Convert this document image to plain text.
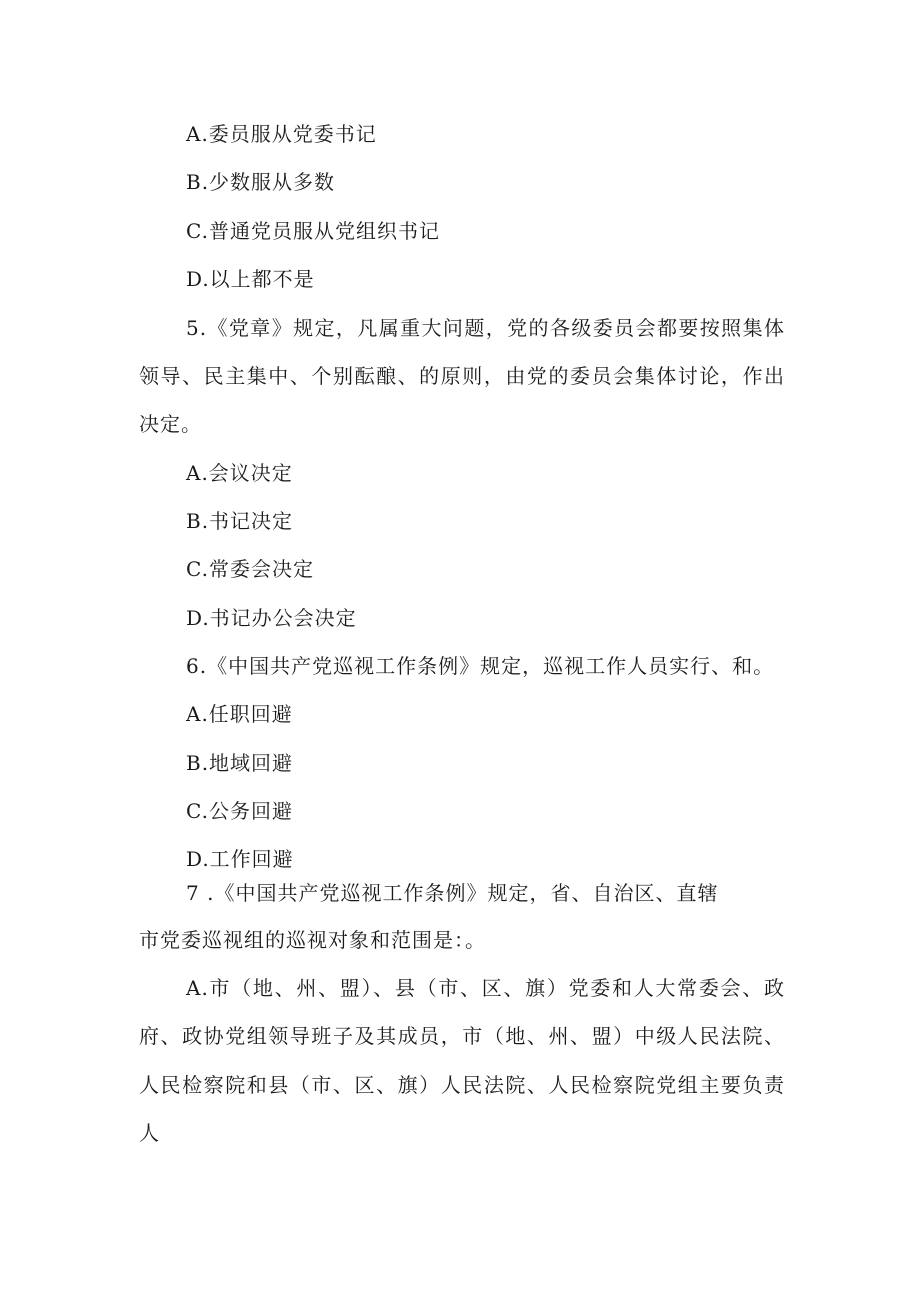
A.委员服从党委书记
B.少数服从多数
C.普通党员服从党组织书记
D.以上都不是
5.《党章》规定，凡属重大问题，党的各级委员会都要按照集体
领导、民主集中、个别酝酿、的原则，由党的委员会集体讨论，作出
决定。
A.会议决定
B.书记决定
C.常委会决定
D.书记办公会决定
6.《中国共产党巡视工作条例》规定，巡视工作人员实行、和。
A.任职回避
B.地域回避
C.公务回避
D.工作回避
7 .《中国共产党巡视工作条例》规定，省、自治区、直辖
市党委巡视组的巡视对象和范围是：。
A.市（地、州、盟）、县（市、区、旗）党委和人大常委会、政
府、政协党组领导班子及其成员，市（地、州、盟）中级人民法院、
人民检察院和县（市、区、旗）人民法院、人民检察院党组主要负责
人
